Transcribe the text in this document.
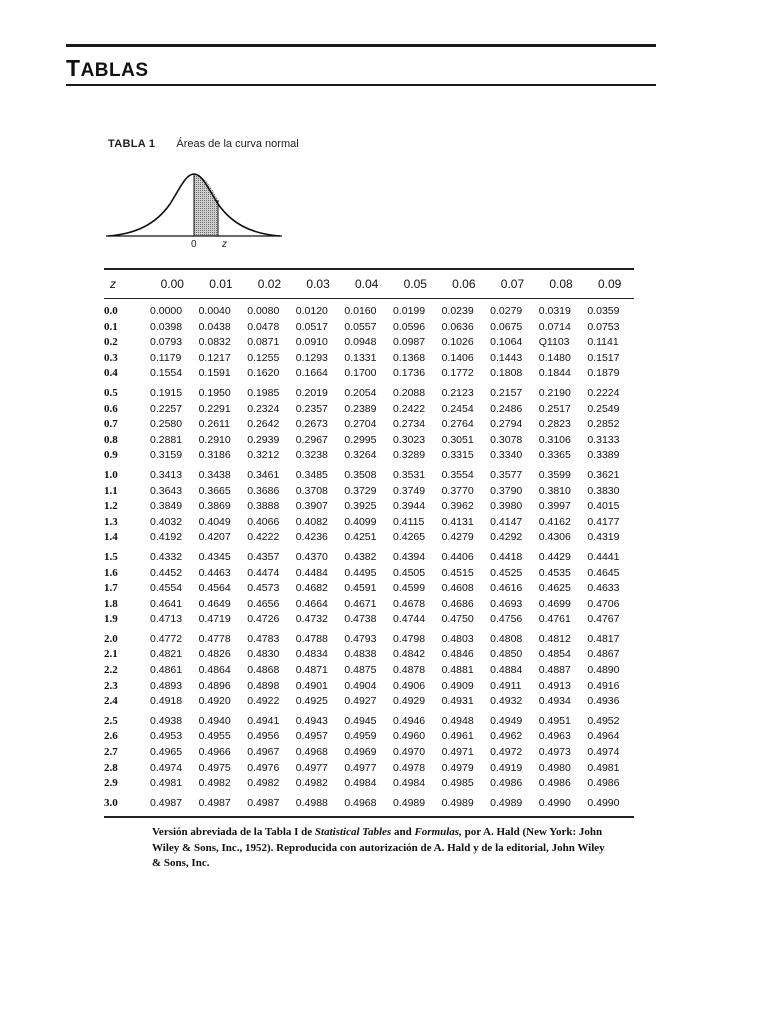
TABLAS
TABLA 1 Áreas de la curva normal
0	z
z	0.00	0.01	0.02	0.03	0.04	0.05	0.06	0.07	0.08	0.09
0.0	0.0000	0.0040	0.0080	0.0120	0.0160	0.0199	0.0239	0.0279	0.0319	0.0359
0.1	0.0398	0.0438	0.0478	0.0517	0.0557	0.0596	0.0636	0.0675	0.0714	0.0753
0.2	0.0793	0.0832	0.0871	0.0910	0.0948	0.0987	0.1026	0.1064	Q1103	0.1141
0.3	0.1179	0.1217	0.1255	0.1293	0.1331	0.1368	0.1406	0.1443	0.1480	0.1517
0.4	0.1554	0.1591	0.1620	0.1664	0.1700	0.1736	0.1772	0.1808	0.1844	0.1879
0.5	0.1915	0.1950	0.1985	0.2019	0.2054	0.2088	0.2123	0.2157	0.2190	0.2224
0.6	0.2257	0.2291	0.2324	0.2357	0.2389	0.2422	0.2454	0.2486	0.2517	0.2549
0.7	0.2580	0.2611	0.2642	0.2673	0.2704	0.2734	0.2764	0.2794	0.2823	0.2852
0.8	0.2881	0.2910	0.2939	0.2967	0.2995	0.3023	0.3051	0.3078	0.3106	0.3133
0.9	0.3159	0.3186	0.3212	0.3238	0.3264	0.3289	0.3315	0.3340	0.3365	0.3389
1.0	0.3413	0.3438	0.3461	0.3485	0.3508	0.3531	0.3554	0.3577	0.3599	0.3621
1.1	0.3643	0.3665	0.3686	0.3708	0.3729	0.3749	0.3770	0.3790	0.3810	0.3830
1.2	0.3849	0.3869	0.3888	0.3907	0.3925	0.3944	0.3962	0.3980	0.3997	0.4015
1.3	0.4032	0.4049	0.4066	0.4082	0.4099	0.4115	0.4131	0.4147	0.4162	0.4177
1.4	0.4192	0.4207	0.4222	0.4236	0.4251	0.4265	0.4279	0.4292	0.4306	0.4319
1.5	0.4332	0.4345	0.4357	0.4370	0.4382	0.4394	0.4406	0.4418	0.4429	0.4441
1.6	0.4452	0.4463	0.4474	0.4484	0.4495	0.4505	0.4515	0.4525	0.4535	0.4645
1.7	0.4554	0.4564	0.4573	0.4682	0.4591	0.4599	0.4608	0.4616	0.4625	0.4633
1.8	0.4641	0.4649	0.4656	0.4664	0.4671	0.4678	0.4686	0.4693	0.4699	0.4706
1.9	0.4713	0.4719	0.4726	0.4732	0.4738	0.4744	0.4750	0.4756	0.4761	0.4767
2.0	0.4772	0.4778	0.4783	0.4788	0.4793	0.4798	0.4803	0.4808	0.4812	0.4817
2.1	0.4821	0.4826	0.4830	0.4834	0.4838	0.4842	0.4846	0.4850	0.4854	0.4867
2.2	0.4861	0.4864	0.4868	0.4871	0.4875	0.4878	0.4881	0.4884	0.4887	0.4890
2.3	0.4893	0.4896	0.4898	0.4901	0.4904	0.4906	0.4909	0.4911	0.4913	0.4916
2.4	0.4918	0.4920	0.4922	0.4925	0.4927	0.4929	0.4931	0.4932	0.4934	0.4936
2.5	0.4938	0.4940	0.4941	0.4943	0.4945	0.4946	0.4948	0.4949	0.4951	0.4952
2.6	0.4953	0.4955	0.4956	0.4957	0.4959	0.4960	0.4961	0.4962	0.4963	0.4964
2.7	0.4965	0.4966	0.4967	0.4968	0.4969	0.4970	0.4971	0.4972	0.4973	0.4974
2.8	0.4974	0.4975	0.4976	0.4977	0.4977	0.4978	0.4979	0.4919	0.4980	0.4981
2.9	0.4981	0.4982	0.4982	0.4982	0.4984	0.4984	0.4985	0.4986	0.4986	0.4986
3.0	0.4987	0.4987	0.4987	0.4988	0.4968	0.4989	0.4989	0.4989	0.4990	0.4990

Versión abreviada de la Tabla I de Statistical Tables and Formulas, por A. Hald (New York: John Wiley & Sons, Inc., 1952). Reproducida con autorización de A. Hald y de la editorial, John Wiley & Sons, Inc.
